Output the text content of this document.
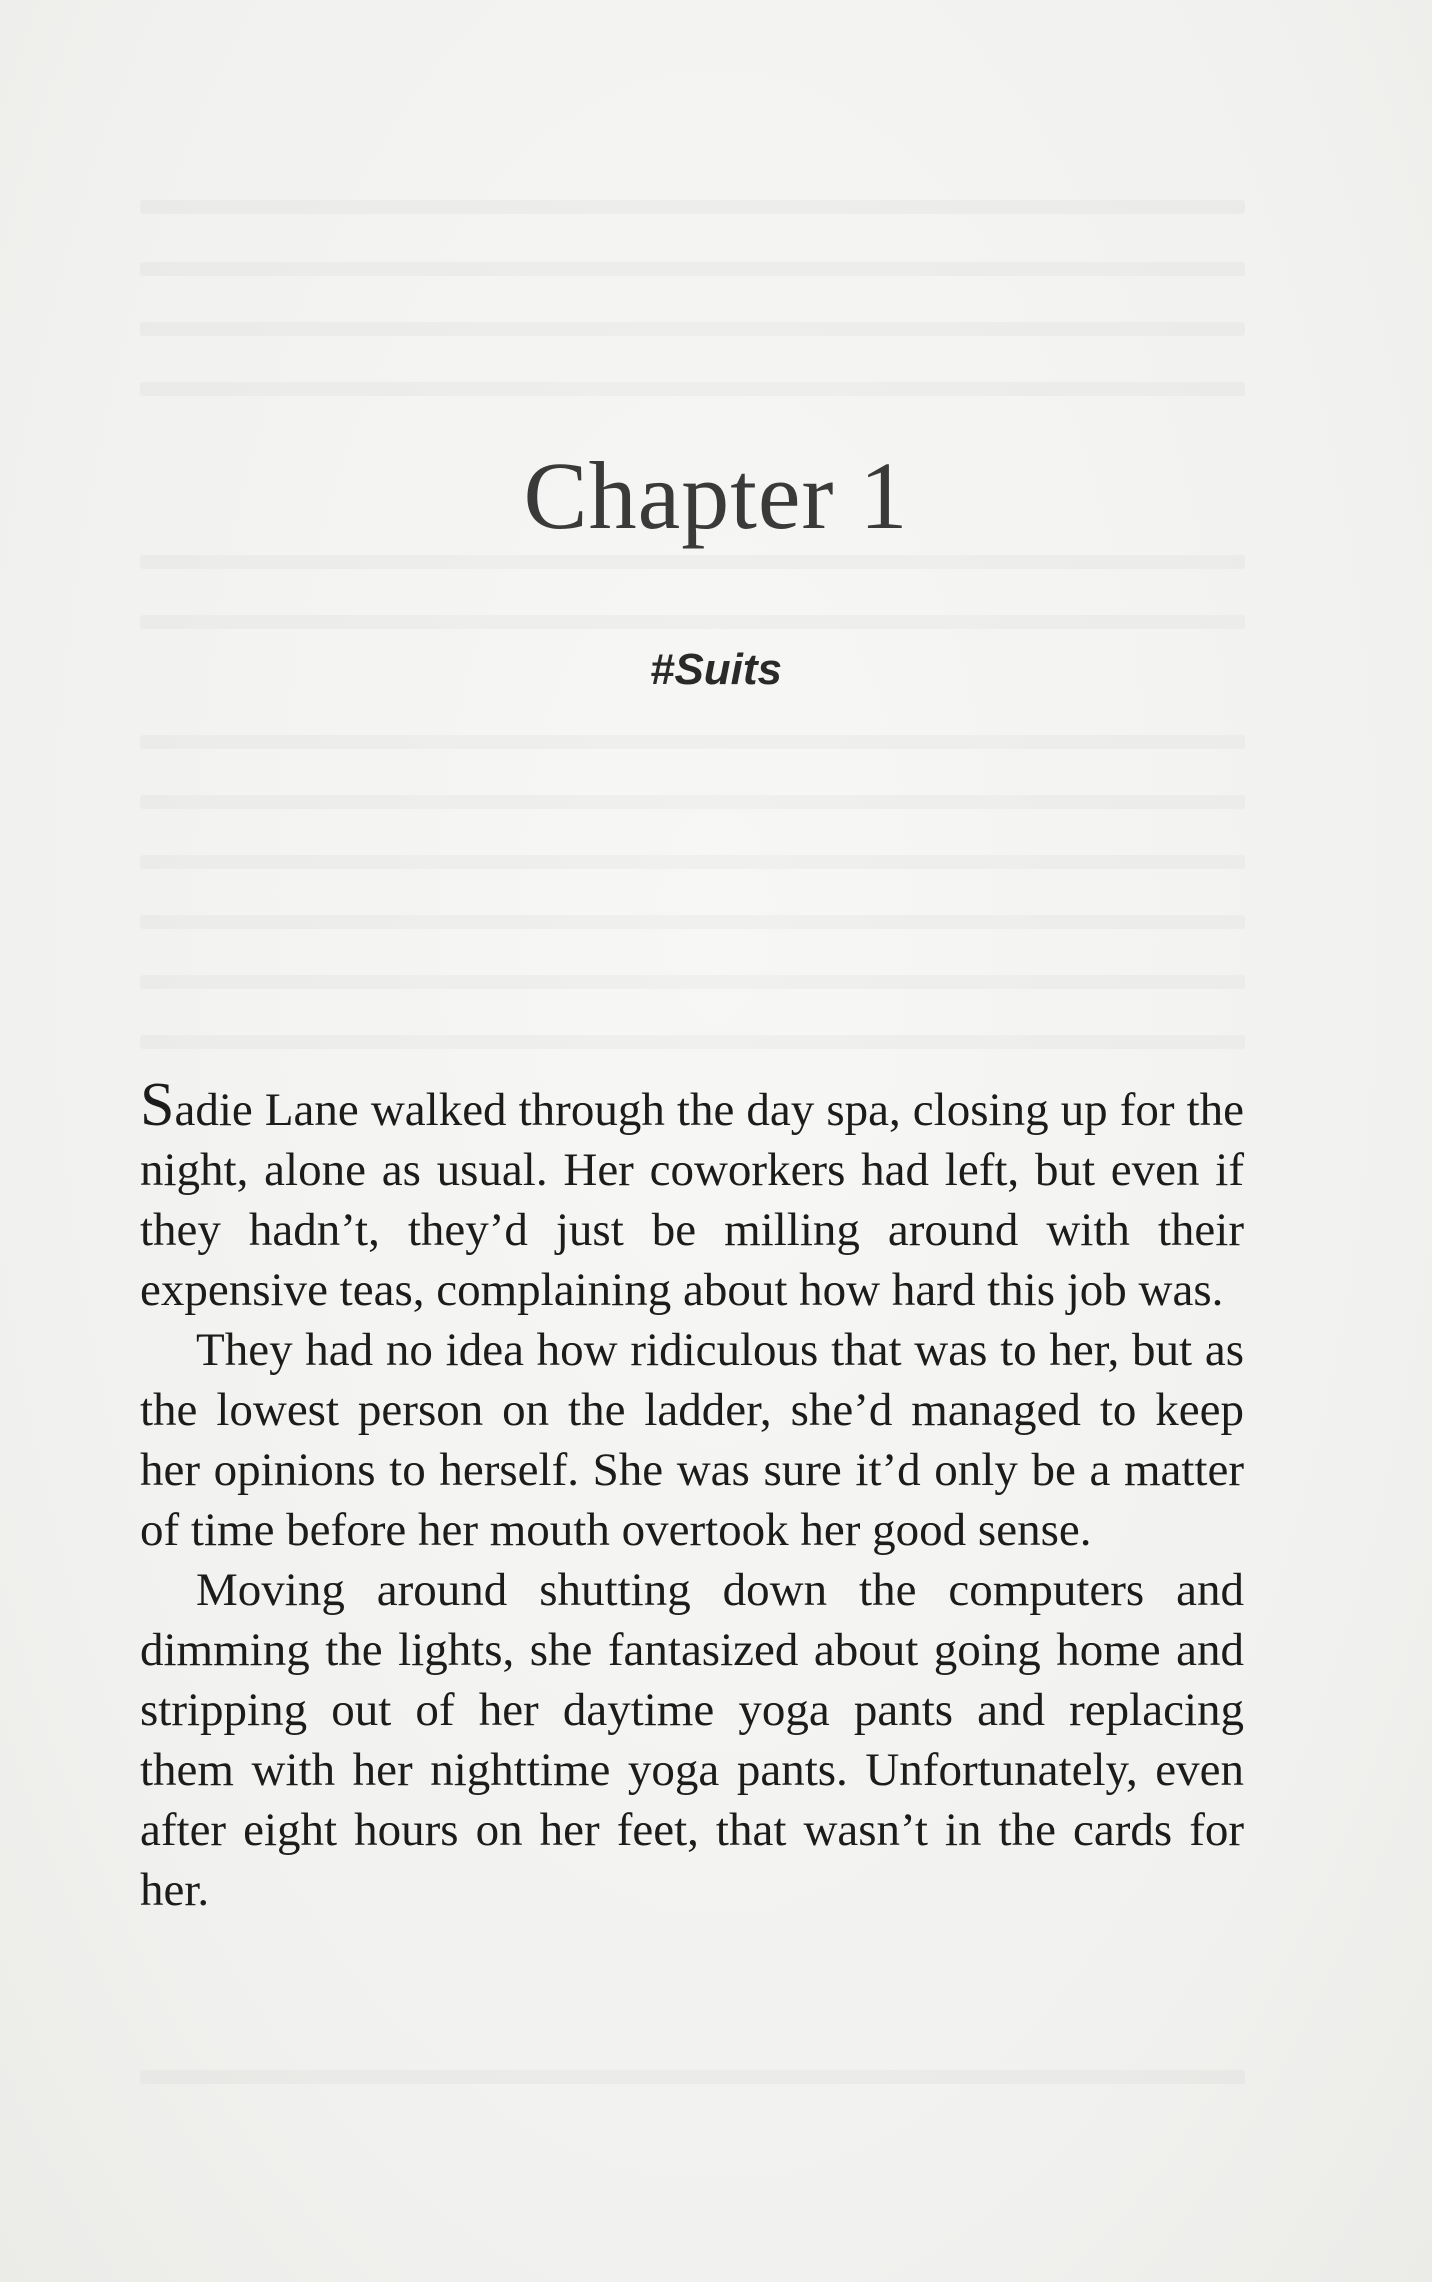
Chapter 1
#Suits

Sadie Lane walked through the day spa, closing up for the night, alone as usual. Her coworkers had left, but even if they hadn’t, they’d just be milling around with their expensive teas, complaining about how hard this job was.

They had no idea how ridiculous that was to her, but as the lowest person on the ladder, she’d managed to keep her opinions to herself. She was sure it’d only be a matter of time before her mouth overtook her good sense.

Moving around shutting down the computers and dimming the lights, she fantasized about going home and stripping out of her daytime yoga pants and replacing them with her nighttime yoga pants. Unfortunately, even after eight hours on her feet, that wasn’t in the cards for her.
